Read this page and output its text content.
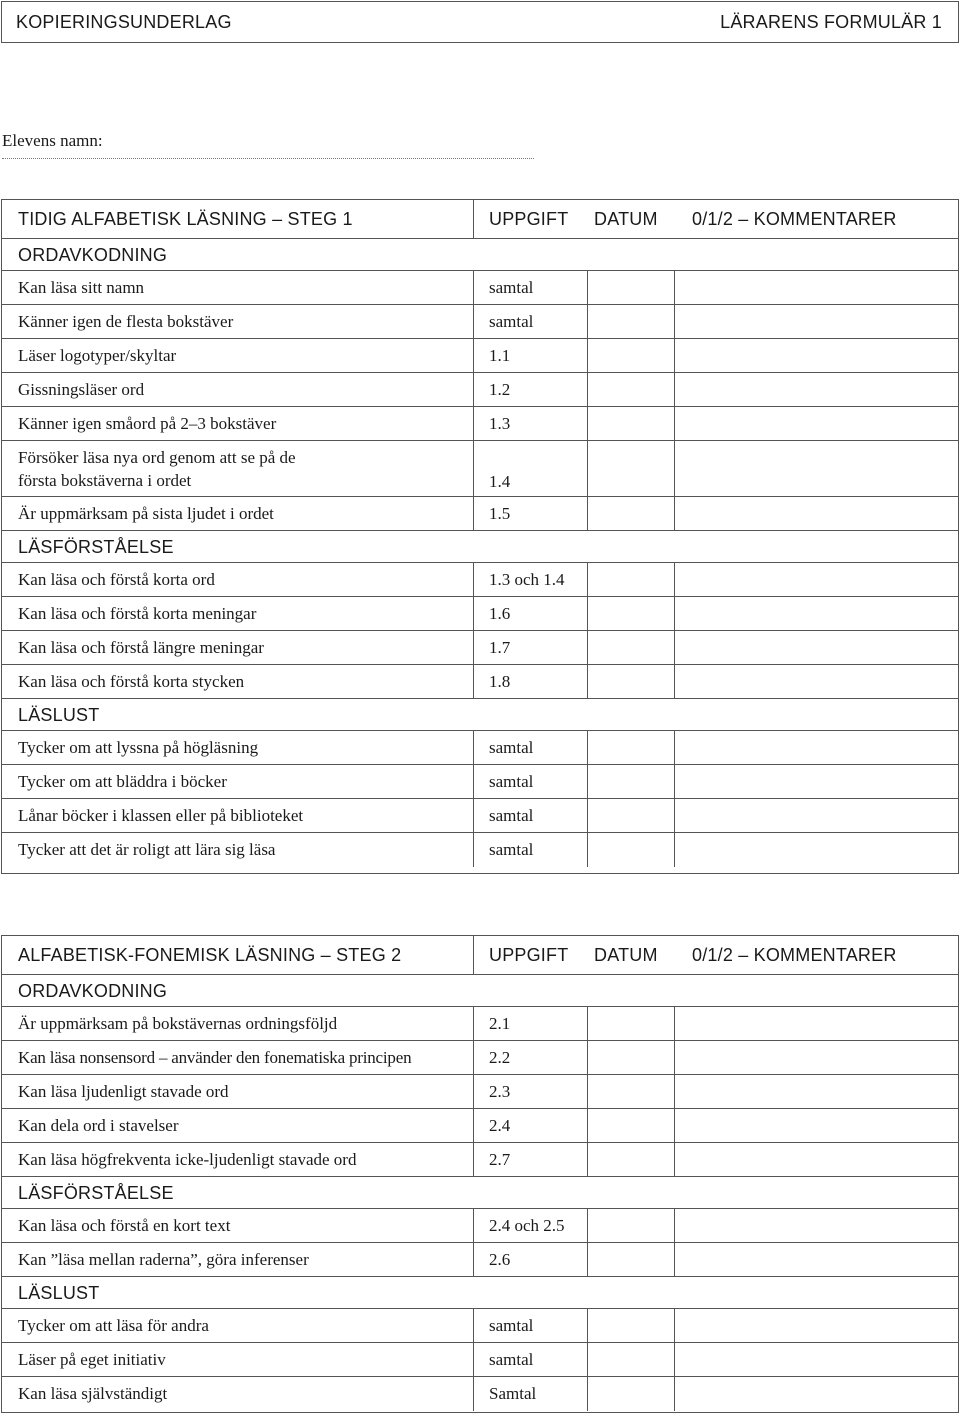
KOPIERINGSUNDERLAG	LÄRARENS FORMULÄR 1
Elevens namn:
TIDIG ALFABETISK LÄSNING – STEG 1	UPPGIFT	DATUM	0/1/2 – KOMMENTARER
ORDAVKODNING
Kan läsa sitt namn	samtal
Känner igen de flesta bokstäver	samtal
Läser logotyper/skyltar	1.1
Gissningsläser ord	1.2
Känner igen småord på 2–3 bokstäver	1.3
Försöker läsa nya ord genom att se på de första bokstäverna i ordet	1.4
Är uppmärksam på sista ljudet i ordet	1.5
LÄSFÖRSTÅELSE
Kan läsa och förstå korta ord	1.3 och 1.4
Kan läsa och förstå korta meningar	1.6
Kan läsa och förstå längre meningar	1.7
Kan läsa och förstå korta stycken	1.8
LÄSLUST
Tycker om att lyssna på högläsning	samtal
Tycker om att bläddra i böcker	samtal
Lånar böcker i klassen eller på biblioteket	samtal
Tycker att det är roligt att lära sig läsa	samtal
ALFABETISK-FONEMISK LÄSNING – STEG 2	UPPGIFT	DATUM	0/1/2 – KOMMENTARER
ORDAVKODNING
Är uppmärksam på bokstävernas ordningsföljd	2.1
Kan läsa nonsensord – använder den fonematiska principen	2.2
Kan läsa ljudenligt stavade ord	2.3
Kan dela ord i stavelser	2.4
Kan läsa högfrekventa icke-ljudenligt stavade ord	2.7
LÄSFÖRSTÅELSE
Kan läsa och förstå en kort text	2.4 och 2.5
Kan ”läsa mellan raderna”, göra inferenser	2.6
LÄSLUST
Tycker om att läsa för andra	samtal
Läser på eget initiativ	samtal
Kan läsa självständigt	Samtal
